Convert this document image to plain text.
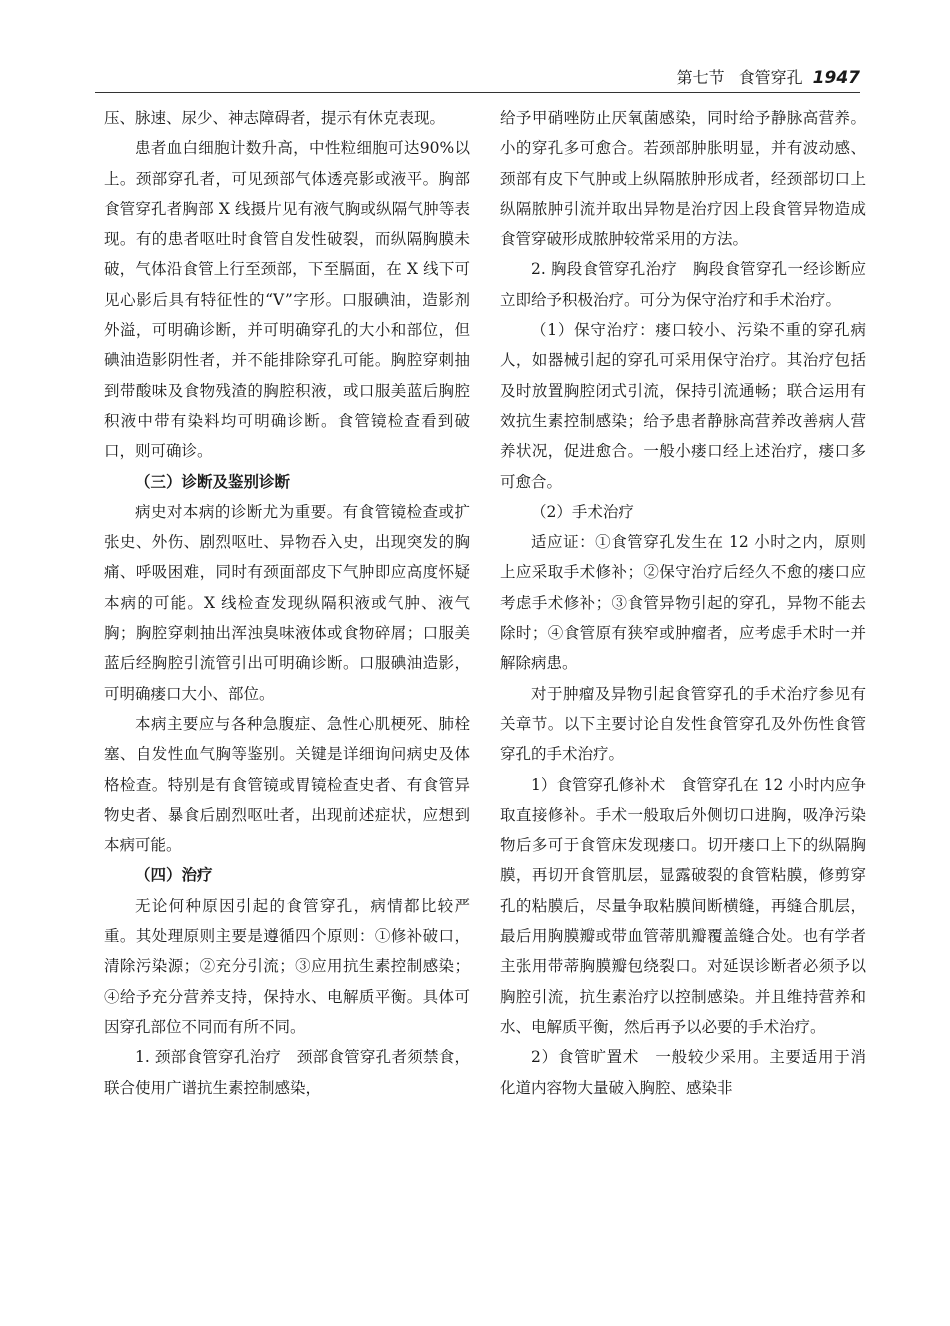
第七节 食管穿孔 1947

压、脉速、尿少、神志障碍者，提示有休克表现。

患者血白细胞计数升高，中性粒细胞可达90%以上。颈部穿孔者，可见颈部气体透亮影或液平。胸部食管穿孔者胸部 X 线摄片见有液气胸或纵隔气肿等表现。有的患者呕吐时食管自发性破裂，而纵隔胸膜未破，气体沿食管上行至颈部，下至膈面，在 X 线下可见心影后具有特征性的“V”字形。口服碘油，造影剂外溢，可明确诊断，并可明确穿孔的大小和部位，但碘油造影阴性者，并不能排除穿孔可能。胸腔穿刺抽到带酸味及食物残渣的胸腔积液，或口服美蓝后胸腔积液中带有染料均可明确诊断。食管镜检查看到破口，则可确诊。

（三）诊断及鉴别诊断

病史对本病的诊断尤为重要。有食管镜检查或扩张史、外伤、剧烈呕吐、异物吞入史，出现突发的胸痛、呼吸困难，同时有颈面部皮下气肿即应高度怀疑本病的可能。X 线检查发现纵隔积液或气肿、液气胸；胸腔穿刺抽出浑浊臭味液体或食物碎屑；口服美蓝后经胸腔引流管引出可明确诊断。口服碘油造影，可明确瘘口大小、部位。

本病主要应与各种急腹症、急性心肌梗死、肺栓塞、自发性血气胸等鉴别。关键是详细询问病史及体格检查。特别是有食管镜或胃镜检查史者、有食管异物史者、暴食后剧烈呕吐者，出现前述症状，应想到本病可能。

（四）治疗

无论何种原因引起的食管穿孔，病情都比较严重。其处理原则主要是遵循四个原则：①修补破口，清除污染源；②充分引流；③应用抗生素控制感染；④给予充分营养支持，保持水、电解质平衡。具体可因穿孔部位不同而有所不同。

1. 颈部食管穿孔治疗　颈部食管穿孔者须禁食，联合使用广谱抗生素控制感染，

给予甲硝唑防止厌氧菌感染，同时给予静脉高营养。小的穿孔多可愈合。若颈部肿胀明显，并有波动感、颈部有皮下气肿或上纵隔脓肿形成者，经颈部切口上纵隔脓肿引流并取出异物是治疗因上段食管异物造成食管穿破形成脓肿较常采用的方法。

2. 胸段食管穿孔治疗　胸段食管穿孔一经诊断应立即给予积极治疗。可分为保守治疗和手术治疗。

（1）保守治疗：瘘口较小、污染不重的穿孔病人，如器械引起的穿孔可采用保守治疗。其治疗包括及时放置胸腔闭式引流，保持引流通畅；联合运用有效抗生素控制感染；给予患者静脉高营养改善病人营养状况，促进愈合。一般小瘘口经上述治疗，瘘口多可愈合。

（2）手术治疗

适应证：①食管穿孔发生在 12 小时之内，原则上应采取手术修补；②保守治疗后经久不愈的瘘口应考虑手术修补；③食管异物引起的穿孔，异物不能去除时；④食管原有狭窄或肿瘤者，应考虑手术时一并解除病患。

对于肿瘤及异物引起食管穿孔的手术治疗参见有关章节。以下主要讨论自发性食管穿孔及外伤性食管穿孔的手术治疗。

1）食管穿孔修补术　食管穿孔在 12 小时内应争取直接修补。手术一般取后外侧切口进胸，吸净污染物后多可于食管床发现瘘口。切开瘘口上下的纵隔胸膜，再切开食管肌层，显露破裂的食管粘膜，修剪穿孔的粘膜后，尽量争取粘膜间断横缝，再缝合肌层，最后用胸膜瓣或带血管蒂肌瓣覆盖缝合处。也有学者主张用带蒂胸膜瓣包绕裂口。对延误诊断者必须予以胸腔引流，抗生素治疗以控制感染。并且维持营养和水、电解质平衡，然后再予以必要的手术治疗。

2）食管旷置术　一般较少采用。主要适用于消化道内容物大量破入胸腔、感染非
